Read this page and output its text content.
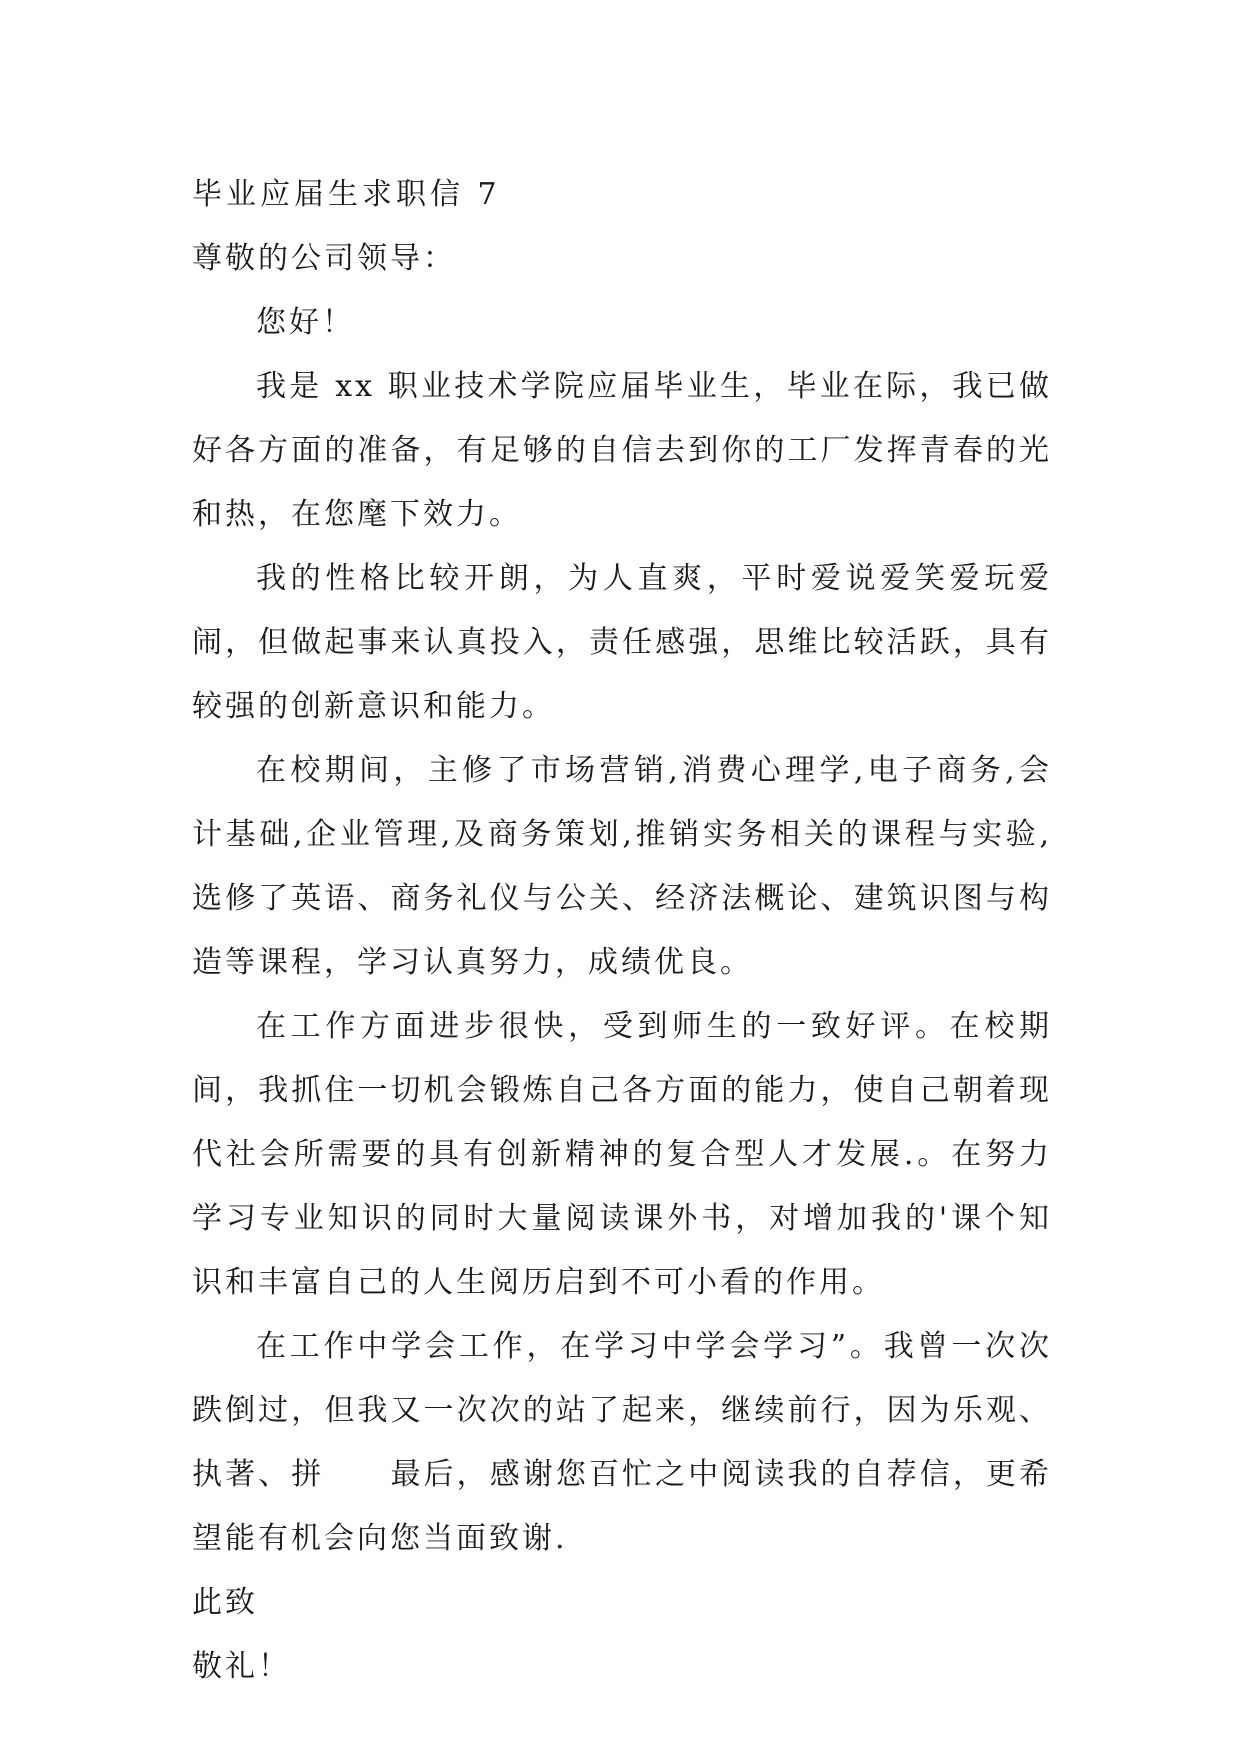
毕业应届生求职信 7

尊敬的公司领导：

您好！

我是 xx 职业技术学院应届毕业生，毕业在际，我已做好各方面的准备，有足够的自信去到你的工厂发挥青春的光和热，在您麾下效力。

我的性格比较开朗，为人直爽，平时爱说爱笑爱玩爱闹，但做起事来认真投入，责任感强，思维比较活跃，具有较强的创新意识和能力。

在校期间，主修了市场营销,消费心理学,电子商务,会计基础,企业管理,及商务策划,推销实务相关的课程与实验,选修了英语、商务礼仪与公关、经济法概论、建筑识图与构造等课程，学习认真努力，成绩优良。

在工作方面进步很快，受到师生的一致好评。在校期间，我抓住一切机会锻炼自己各方面的能力，使自己朝着现代社会所需要的具有创新精神的复合型人才发展.。在努力学习专业知识的同时大量阅读课外书，对增加我的'课个知识和丰富自己的人生阅历启到不可小看的作用。

在工作中学会工作，在学习中学会学习”。我曾一次次跌倒过，但我又一次次的站了起来，继续前行，因为乐观、执著、拼　　最后，感谢您百忙之中阅读我的自荐信，更希望能有机会向您当面致谢.

此致

敬礼！
